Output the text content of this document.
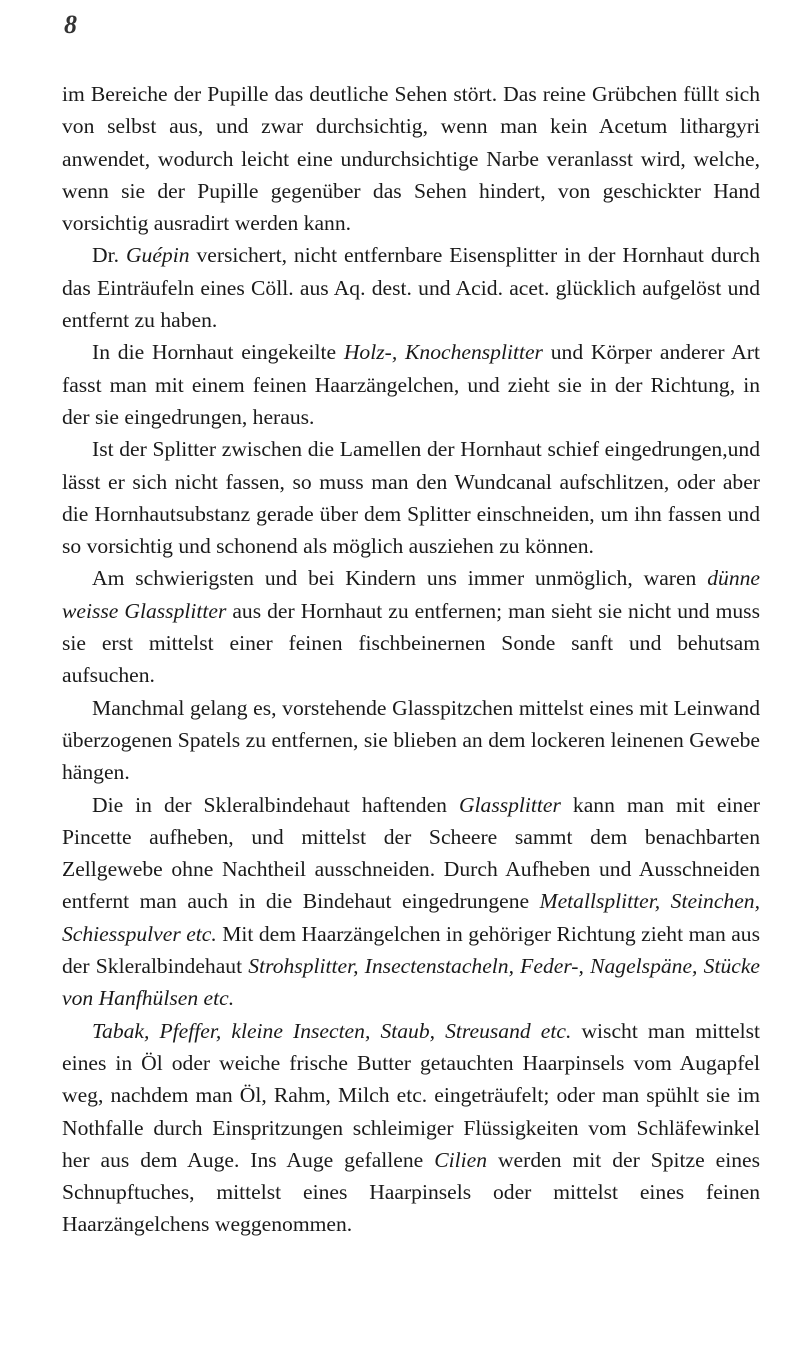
8

im Bereiche der Pupille das deutliche Sehen stört. Das reine Grübchen füllt sich von selbst aus, und zwar durchsichtig, wenn man kein Acetum lithargyri anwendet, wodurch leicht eine undurchsichtige Narbe veranlasst wird, welche, wenn sie der Pupille gegenüber das Sehen hindert, von geschickter Hand vorsichtig ausradirt werden kann.

Dr. Guépin versichert, nicht entfernbare Eisensplitter in der Hornhaut durch das Einträufeln eines Cöll. aus Aq. dest. und Acid. acet. glücklich aufgelöst und entfernt zu haben.

In die Hornhaut eingekeilte Holz-, Knochensplitter und Körper anderer Art fasst man mit einem feinen Haarzängelchen, und zieht sie in der Richtung, in der sie eingedrungen, heraus.

Ist der Splitter zwischen die Lamellen der Hornhaut schief eingedrungen,und lässt er sich nicht fassen, so muss man den Wundcanal aufschlitzen, oder aber die Hornhautsubstanz gerade über dem Splitter einschneiden, um ihn fassen und so vorsichtig und schonend als möglich ausziehen zu können.

Am schwierigsten und bei Kindern uns immer unmöglich, waren dünne weisse Glassplitter aus der Hornhaut zu entfernen; man sieht sie nicht und muss sie erst mittelst einer feinen fischbeinernen Sonde sanft und behutsam aufsuchen.

Manchmal gelang es, vorstehende Glasspitzchen mittelst eines mit Leinwand überzogenen Spatels zu entfernen, sie blieben an dem lockeren leinenen Gewebe hängen.

Die in der Skleralbindehaut haftenden Glassplitter kann man mit einer Pincette aufheben, und mittelst der Scheere sammt dem benachbarten Zellgewebe ohne Nachtheil ausschneiden. Durch Aufheben und Ausschneiden entfernt man auch in die Bindehaut eingedrungene Metallsplitter, Steinchen, Schiesspulver etc. Mit dem Haarzängelchen in gehöriger Richtung zieht man aus der Skleralbindehaut Strohsplitter, Insectenstacheln, Feder-, Nagelspäne, Stücke von Hanfhülsen etc.

Tabak, Pfeffer, kleine Insecten, Staub, Streusand etc. wischt man mittelst eines in Öl oder weiche frische Butter getauchten Haarpinsels vom Augapfel weg, nachdem man Öl, Rahm, Milch etc. eingeträufelt; oder man spühlt sie im Nothfalle durch Einspritzungen schleimiger Flüssigkeiten vom Schläfewinkel her aus dem Auge. Ins Auge gefallene Cilien werden mit der Spitze eines Schnupftuches, mittelst eines Haarpinsels oder mittelst eines feinen Haarzängelchens weggenommen.
